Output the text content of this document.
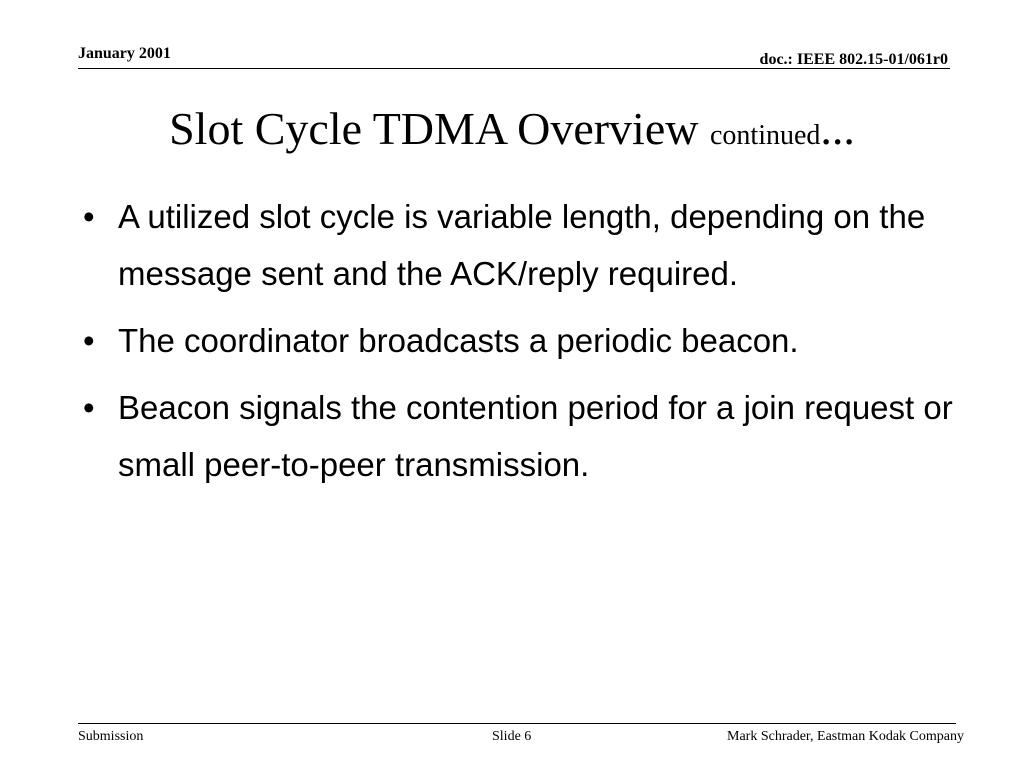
January 2001	doc.: IEEE 802.15-01/061r0
Slot Cycle TDMA Overview continued...
• A utilized slot cycle is variable length, depending on the message sent and the ACK/reply required.
• The coordinator broadcasts a periodic beacon.
• Beacon signals the contention period for a join request or small peer-to-peer transmission.
Submission	Slide 6	Mark Schrader, Eastman Kodak Company
